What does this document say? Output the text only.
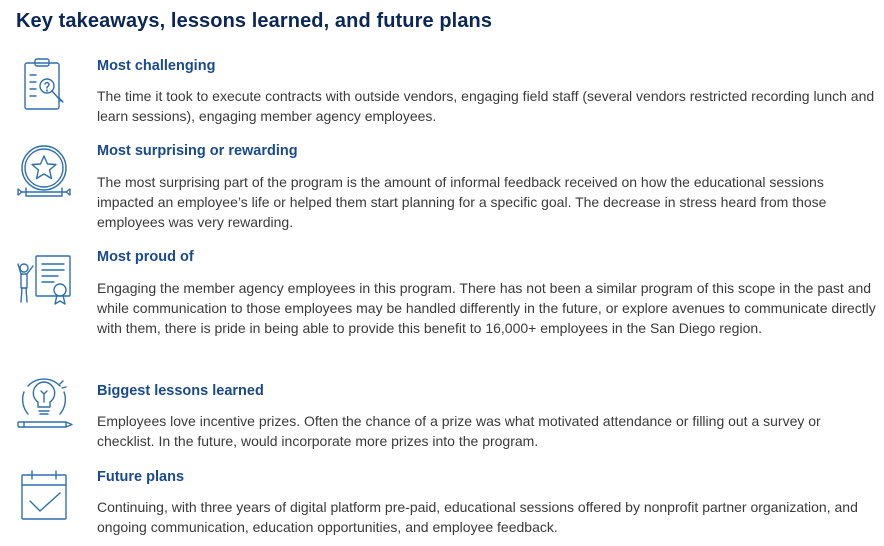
Key takeaways, lessons learned, and future plans
Most challenging

The time it took to execute contracts with outside vendors, engaging field staff (several vendors restricted recording lunch and learn sessions), engaging member agency employees.

Most surprising or rewarding

The most surprising part of the program is the amount of informal feedback received on how the educational sessions impacted an employee’s life or helped them start planning for a specific goal. The decrease in stress heard from those employees was very rewarding.

Most proud of

Engaging the member agency employees in this program. There has not been a similar program of this scope in the past and while communication to those employees may be handled differently in the future, or explore avenues to communicate directly with them, there is pride in being able to provide this benefit to 16,000+ employees in the San Diego region.

Biggest lessons learned

Employees love incentive prizes. Often the chance of a prize was what motivated attendance or filling out a survey or checklist. In the future, would incorporate more prizes into the program.

Future plans

Continuing, with three years of digital platform pre-paid, educational sessions offered by nonprofit partner organization, and ongoing communication, education opportunities, and employee feedback.
